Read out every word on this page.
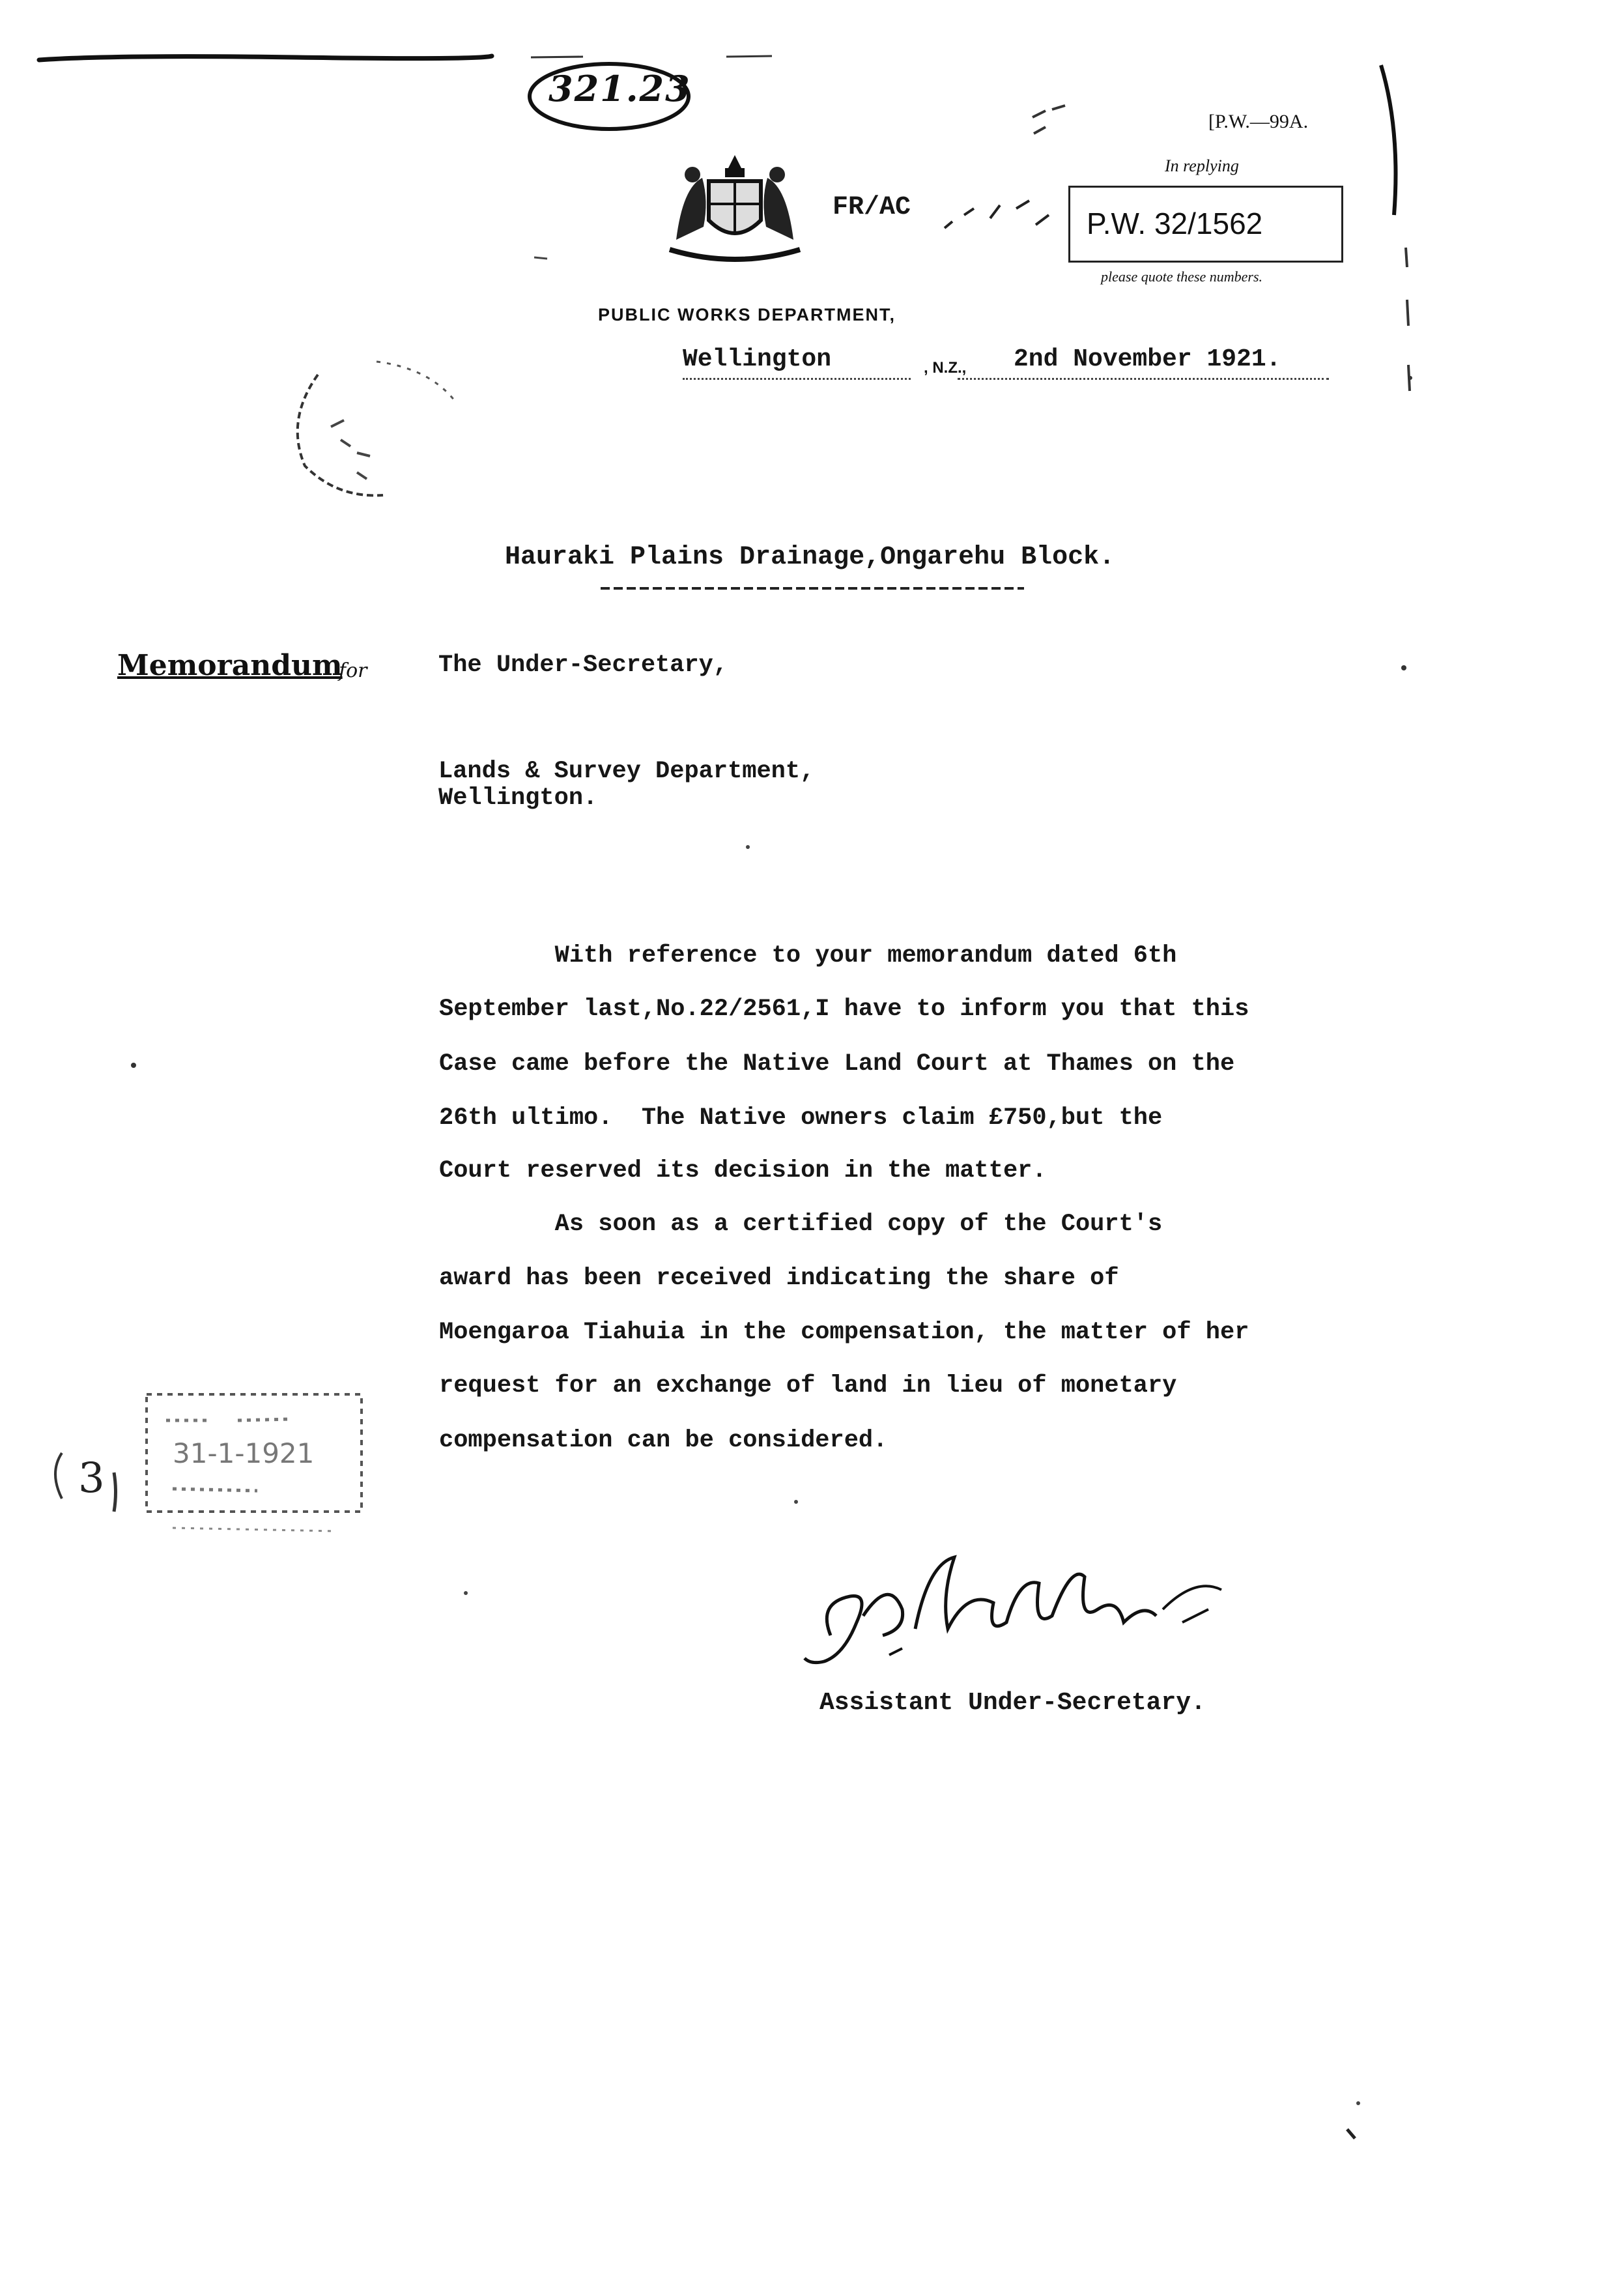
321.23
[P.W.—99A.
FR/AC
In replying
P.W. 32/1562
please quote these numbers.
PUBLIC WORKS DEPARTMENT,
Wellington	, N.Z., 2nd November 1921.
Hauraki Plains Drainage,Ongarehu Block.
Memorandum
for	The Under-Secretary,
Lands & Survey Department,
Wellington.
With reference to your memorandum dated 6th
September last,No.22/2561,I have to inform you that this
Case came before the Native Land Court at Thames on the
26th ultimo.  The Native owners claim £750,but the
Court reserved its decision in the matter.
As soon as a certified copy of the Court's
award has been received indicating the share of
Moengaroa Tiahuia in the compensation, the matter of her
request for an exchange of land in lieu of monetary
compensation can be considered.
3
31-1-1921
Assistant Under-Secretary.
